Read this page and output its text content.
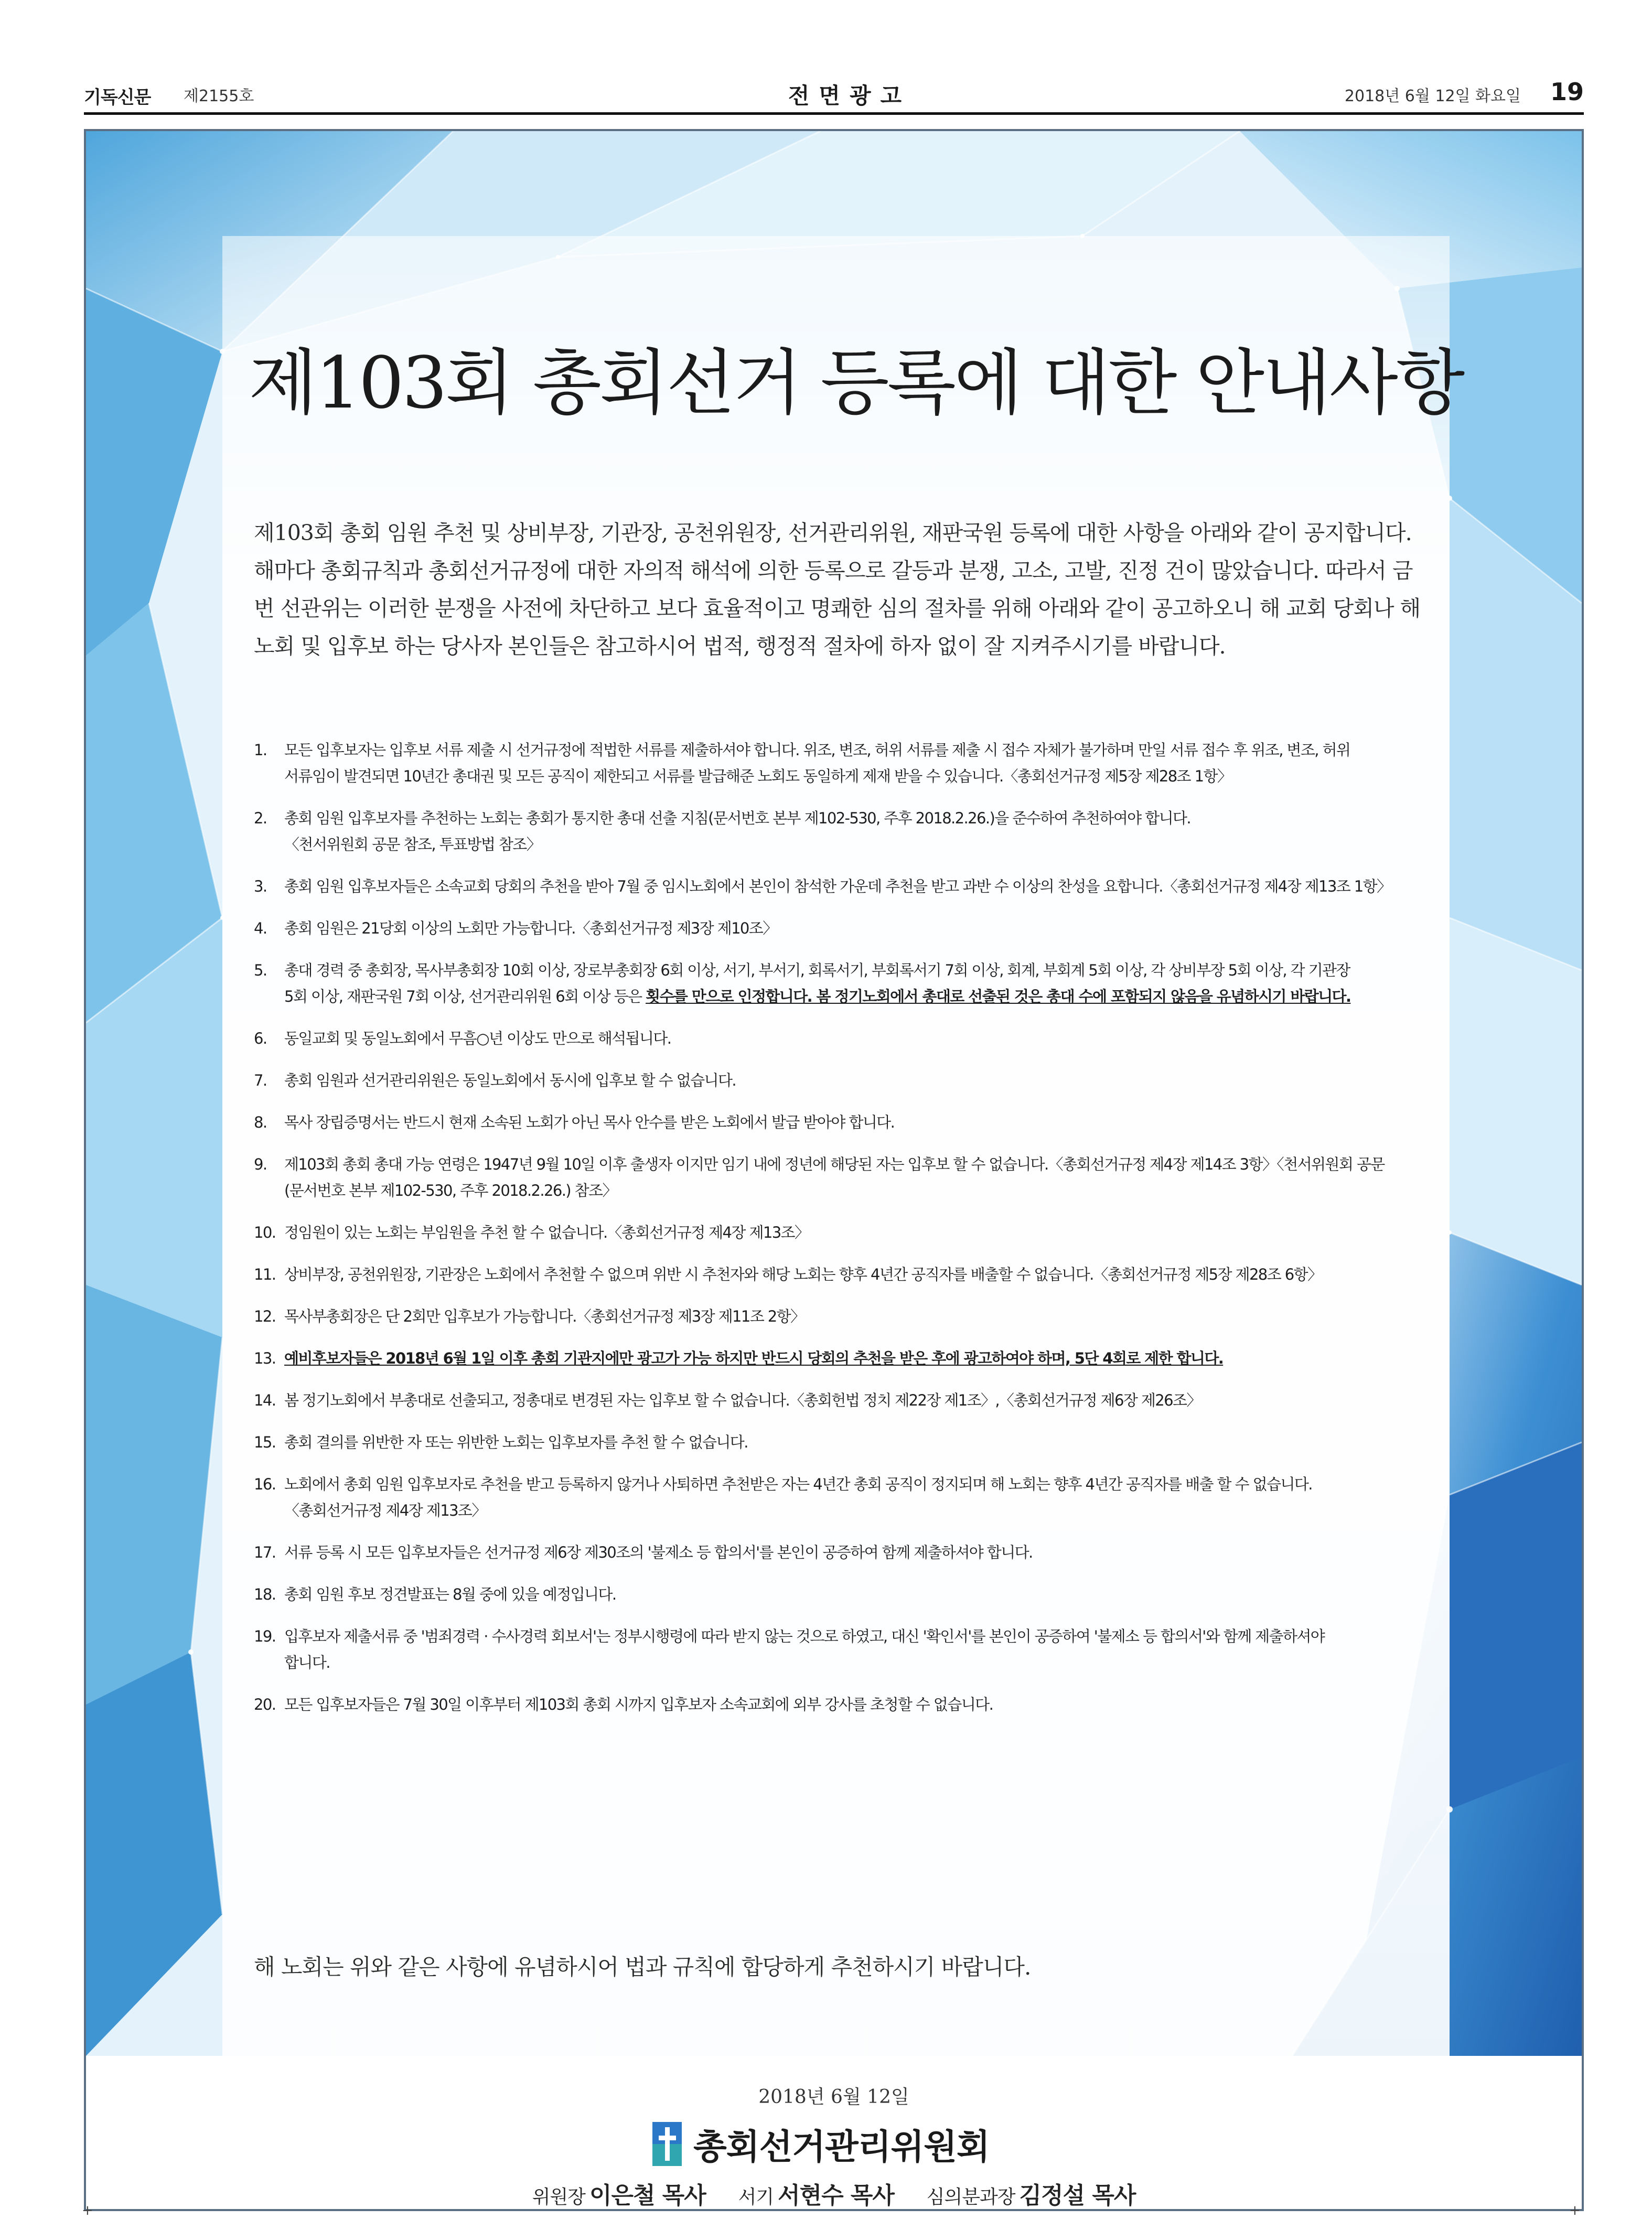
기독신문 제2155호	전면광고	2018년 6월 12일 화요일 19
제103회 총회선거 등록에 대한 안내사항

제103회 총회 임원 추천 및 상비부장, 기관장, 공천위원장, 선거관리위원, 재판국원 등록에 대한 사항을 아래와 같이 공지합니다.

해마다 총회규칙과 총회선거규정에 대한 자의적 해석에 의한 등록으로 갈등과 분쟁, 고소, 고발, 진정 건이 많았습니다. 따라서 금

번 선관위는 이러한 분쟁을 사전에 차단하고 보다 효율적이고 명쾌한 심의 절차를 위해 아래와 같이 공고하오니 해 교회 당회나 해

노회 및 입후보 하는 당사자 본인들은 참고하시어 법적, 행정적 절차에 하자 없이 잘 지켜주시기를 바랍니다.

1. 모든 입후보자는 입후보 서류 제출 시 선거규정에 적법한 서류를 제출하셔야 합니다. 위조, 변조, 허위 서류를 제출 시 접수 자체가 불가하며 만일 서류 접수 후 위조, 변조, 허위
서류임이 발견되면 10년간 총대권 및 모든 공직이 제한되고 서류를 발급해준 노회도 동일하게 제재 받을 수 있습니다.〈총회선거규정 제5장 제28조 1항〉
2. 총회 임원 입후보자를 추천하는 노회는 총회가 통지한 총대 선출 지침(문서번호 본부 제102-530, 주후 2018.2.26.)을 준수하여 추천하여야 합니다.
〈천서위원회 공문 참조, 투표방법 참조〉
3. 총회 임원 입후보자들은 소속교회 당회의 추천을 받아 7월 중 임시노회에서 본인이 참석한 가운데 추천을 받고 과반 수 이상의 찬성을 요합니다.〈총회선거규정 제4장 제13조 1항〉
4. 총회 임원은 21당회 이상의 노회만 가능합니다.〈총회선거규정 제3장 제10조〉
5. 총대 경력 중 총회장, 목사부총회장 10회 이상, 장로부총회장 6회 이상, 서기, 부서기, 회록서기, 부회록서기 7회 이상, 회계, 부회계 5회 이상, 각 상비부장 5회 이상, 각 기관장
5회 이상, 재판국원 7회 이상, 선거관리위원 6회 이상 등은 횟수를 만으로 인정합니다. 봄 정기노회에서 총대로 선출된 것은 총대 수에 포함되지 않음을 유념하시기 바랍니다.
6. 동일교회 및 동일노회에서 무흠○년 이상도 만으로 해석됩니다.
7. 총회 임원과 선거관리위원은 동일노회에서 동시에 입후보 할 수 없습니다.
8. 목사 장립증명서는 반드시 현재 소속된 노회가 아닌 목사 안수를 받은 노회에서 발급 받아야 합니다.
9. 제103회 총회 총대 가능 연령은 1947년 9월 10일 이후 출생자 이지만 임기 내에 정년에 해당된 자는 입후보 할 수 없습니다.〈총회선거규정 제4장 제14조 3항〉〈천서위원회 공문
(문서번호 본부 제102-530, 주후 2018.2.26.) 참조〉
10. 정임원이 있는 노회는 부임원을 추천 할 수 없습니다.〈총회선거규정 제4장 제13조〉
11. 상비부장, 공천위원장, 기관장은 노회에서 추천할 수 없으며 위반 시 추천자와 해당 노회는 향후 4년간 공직자를 배출할 수 없습니다.〈총회선거규정 제5장 제28조 6항〉
12. 목사부총회장은 단 2회만 입후보가 가능합니다.〈총회선거규정 제3장 제11조 2항〉
13. 예비후보자들은 2018년 6월 1일 이후 총회 기관지에만 광고가 가능 하지만 반드시 당회의 추천을 받은 후에 광고하여야 하며, 5단 4회로 제한 합니다.
14. 봄 정기노회에서 부총대로 선출되고, 정총대로 변경된 자는 입후보 할 수 없습니다.〈총회헌법 정치 제22장 제1조〉,〈총회선거규정 제6장 제26조〉
15. 총회 결의를 위반한 자 또는 위반한 노회는 입후보자를 추천 할 수 없습니다.
16. 노회에서 총회 임원 입후보자로 추천을 받고 등록하지 않거나 사퇴하면 추천받은 자는 4년간 총회 공직이 정지되며 해 노회는 향후 4년간 공직자를 배출 할 수 없습니다.
〈총회선거규정 제4장 제13조〉
17. 서류 등록 시 모든 입후보자들은 선거규정 제6장 제30조의 '불제소 등 합의서'를 본인이 공증하여 함께 제출하셔야 합니다.
18. 총회 임원 후보 정견발표는 8월 중에 있을 예정입니다.
19. 입후보자 제출서류 중 '범죄경력 · 수사경력 회보서'는 정부시행령에 따라 받지 않는 것으로 하였고, 대신 '확인서'를 본인이 공증하여 '불제소 등 합의서'와 함께 제출하셔야
합니다.
20. 모든 입후보자들은 7월 30일 이후부터 제103회 총회 시까지 입후보자 소속교회에 외부 강사를 초청할 수 없습니다.
해 노회는 위와 같은 사항에 유념하시어 법과 규칙에 합당하게 추천하시기 바랍니다.
2018년 6월 12일
총회선거관리위원회
위원장 이은철 목사 서기 서현수 목사 심의분과장 김정설 목사
+	+
